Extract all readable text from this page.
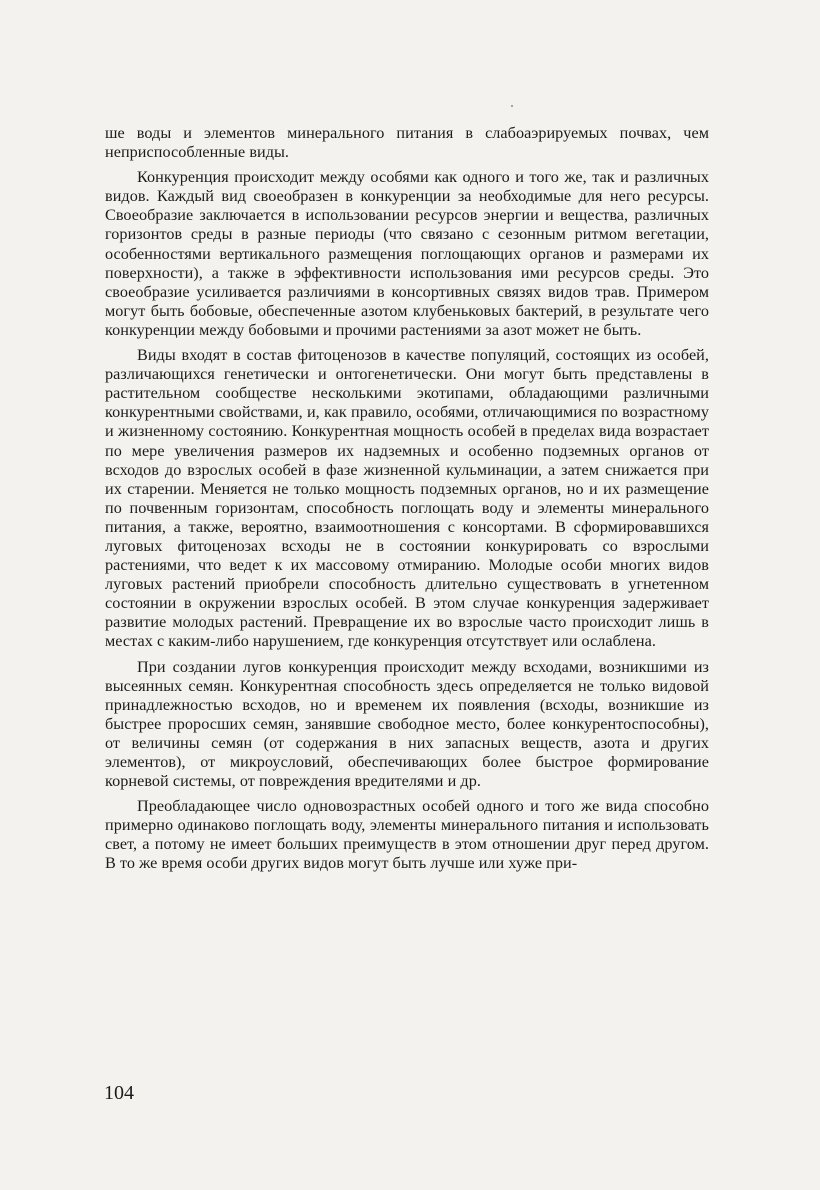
ше воды и элементов минерального питания в слабоаэрируемых почвах, чем неприспособленные виды.

Конкуренция происходит между особями как одного и того же, так и различных видов. Каждый вид своеобразен в конкуренции за необходимые для него ресурсы. Своеобразие заключается в использовании ресурсов энергии и вещества, различных горизонтов среды в разные периоды (что связано с сезонным ритмом вегетации, особенностями вертикального размещения поглощающих органов и размерами их поверхности), а также в эффективности использования ими ресурсов среды. Это своеобразие усиливается различиями в консортивных связях видов трав. Примером могут быть бобовые, обеспеченные азотом клубеньковых бактерий, в результате чего конкуренции между бобовыми и прочими растениями за азот может не быть.

Виды входят в состав фитоценозов в качестве популяций, состоящих из особей, различающихся генетически и онтогенетически. Они могут быть представлены в растительном сообществе несколькими экотипами, обладающими различными конкурентными свойствами, и, как правило, особями, отличающимися по возрастному и жизненному состоянию. Конкурентная мощность особей в пределах вида возрастает по мере увеличения размеров их надземных и особенно подземных органов от всходов до взрослых особей в фазе жизненной кульминации, а затем снижается при их старении. Меняется не только мощность подземных органов, но и их размещение по почвенным горизонтам, способность поглощать воду и элементы минерального питания, а также, вероятно, взаимоотношения с консортами. В сформировавшихся луговых фитоценозах всходы не в состоянии конкурировать со взрослыми растениями, что ведет к их массовому отмиранию. Молодые особи многих видов луговых растений приобрели способность длительно существовать в угнетенном состоянии в окружении взрослых особей. В этом случае конкуренция задерживает развитие молодых растений. Превращение их во взрослые часто происходит лишь в местах с каким-либо нарушением, где конкуренция отсутствует или ослаблена.

При создании лугов конкуренция происходит между всходами, возникшими из высеянных семян. Конкурентная способность здесь определяется не только видовой принадлежностью всходов, но и временем их появления (всходы, возникшие из быстрее проросших семян, занявшие свободное место, более конкурентоспособны), от величины семян (от содержания в них запасных веществ, азота и других элементов), от микроусловий, обеспечивающих более быстрое формирование корневой системы, от повреждения вредителями и др.

Преобладающее число одновозрастных особей одного и того же вида способно примерно одинаково поглощать воду, элементы минерального питания и использовать свет, а потому не имеет больших преимуществ в этом отношении друг перед другом. В то же время особи других видов могут быть лучше или хуже при-

104
